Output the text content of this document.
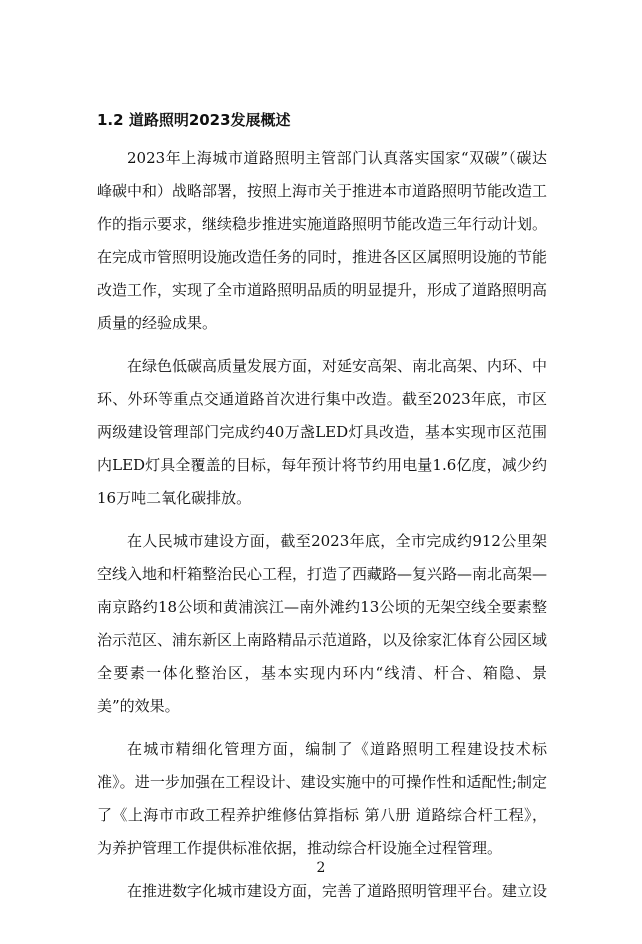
1.2 道路照明2023发展概述

2023年上海城市道路照明主管部门认真落实国家“双碳”（碳达峰碳中和）战略部署，按照上海市关于推进本市道路照明节能改造工作的指示要求，继续稳步推进实施道路照明节能改造三年行动计划。在完成市管照明设施改造任务的同时，推进各区区属照明设施的节能改造工作，实现了全市道路照明品质的明显提升，形成了道路照明高质量的经验成果。

在绿色低碳高质量发展方面，对延安高架、南北高架、内环、中环、外环等重点交通道路首次进行集中改造。截至2023年底，市区两级建设管理部门完成约40万盏LED灯具改造，基本实现市区范围内LED灯具全覆盖的目标，每年预计将节约用电量1.6亿度，减少约16万吨二氧化碳排放。

在人民城市建设方面，截至2023年底，全市完成约912公里架空线入地和杆箱整治民心工程，打造了西藏路—复兴路—南北高架—南京路约18公顷和黄浦滨江—南外滩约13公顷的无架空线全要素整治示范区、浦东新区上南路精品示范道路，以及徐家汇体育公园区域全要素一体化整治区，基本实现内环内“线清、杆合、箱隐、景美”的效果。

在城市精细化管理方面，编制了《道路照明工程建设技术标准》。进一步加强在工程设计、建设实施中的可操作性和适配性;制定了《上海市市政工程养护维修估算指标 第八册 道路综合杆工程》，为养护管理工作提供标准依据，推动综合杆设施全过程管理。

在推进数字化城市建设方面，完善了道路照明管理平台。建立设

2
